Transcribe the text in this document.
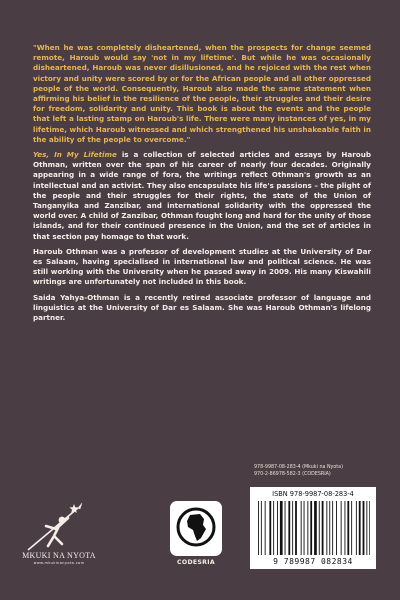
"When he was completely disheartened, when the prospects for change seemed remote, Haroub would say 'not in my lifetime'. But while he was occasionally disheartened, Haroub was never disillusioned, and he rejoiced with the rest when victory and unity were scored by or for the African people and all other oppressed people of the world. Consequently, Haroub also made the same statement when affirming his belief in the resilience of the people, their struggles and their desire for freedom, solidarity and unity. This book is about the events and the people that left a lasting stamp on Haroub's life. There were many instances of yes, in my lifetime, which Haroub witnessed and which strengthened his unshakeable faith in the ability of the people to overcome."

Yes, In My Lifetime is a collection of selected articles and essays by Haroub Othman, written over the span of his career of nearly four decades. Originally appearing in a wide range of fora, the writings reflect Othman's growth as an intellectual and an activist. They also encapsulate his life's passions – the plight of the people and their struggles for their rights, the state of the Union of Tanganyika and Zanzibar, and international solidarity with the oppressed the world over. A child of Zanzibar, Othman fought long and hard for the unity of those islands, and for their continued presence in the Union, and the set of articles in that section pay homage to that work.

Haroub Othman was a professor of development studies at the University of Dar es Salaam, having specialised in international law and political science. He was still working with the University when he passed away in 2009. His many Kiswahili writings are unfortunately not included in this book.

Saida Yahya-Othman is a recently retired associate professor of language and linguistics at the University of Dar es Salaam. She was Haroub Othman's lifelong partner.

978-9987-08-283-4 (Mkuki na Nyota)
970-2-86978-582-3 (CODESRIA)
MKUKI NA NYOTA
www.mkukinanyota.com	CODESRIA
ISBN 978-9987-08-283-4
9 789987 082834
